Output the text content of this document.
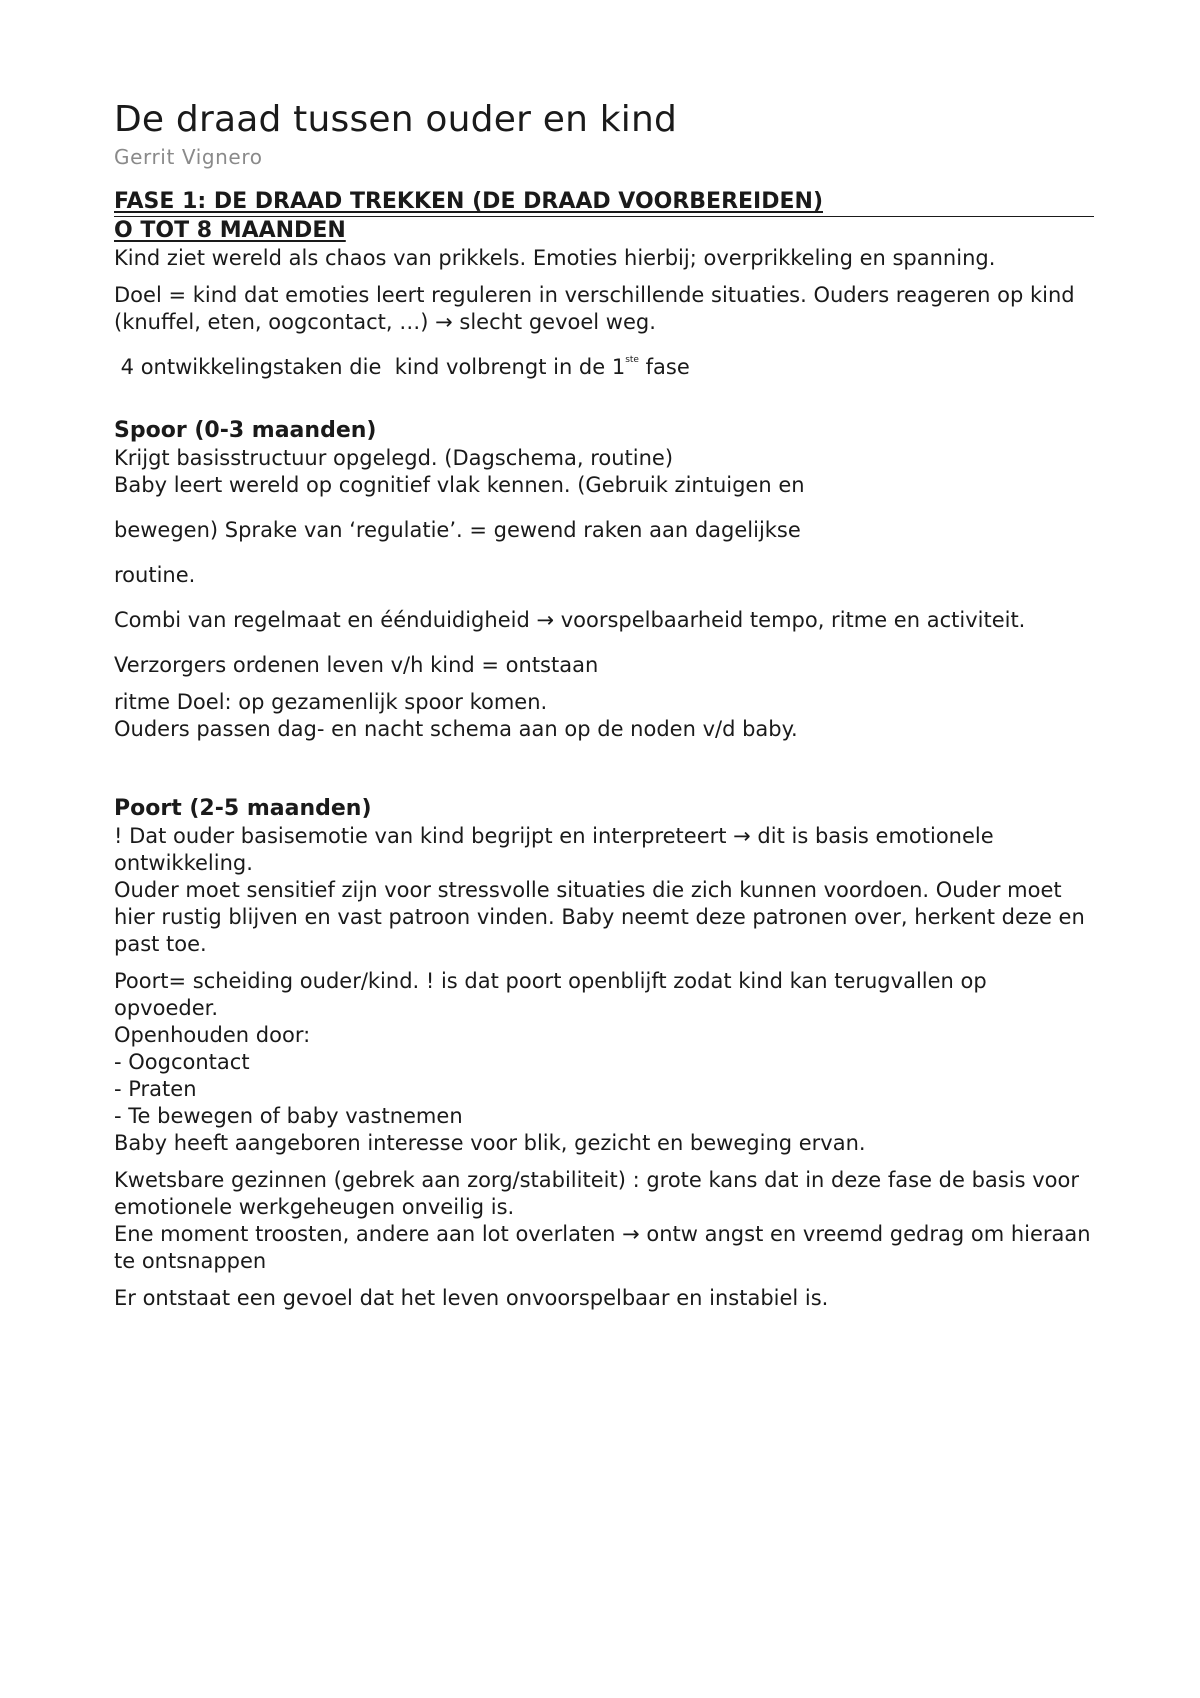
De draad tussen ouder en kind
Gerrit Vignero
FASE 1: DE DRAAD TREKKEN (DE DRAAD VOORBEREIDEN)
O TOT 8 MAANDEN

Kind ziet wereld als chaos van prikkels. Emoties hierbij; overprikkeling en spanning.

Doel = kind dat emoties leert reguleren in verschillende situaties. Ouders reageren op kind (knuffel, eten, oogcontact, …) → slecht gevoel weg.

4 ontwikkelingstaken die  kind volbrengt in de 1ste fase

Spoor (0-3 maanden)

Krijgt basisstructuur opgelegd. (Dagschema, routine)

Baby leert wereld op cognitief vlak kennen. (Gebruik zintuigen en

bewegen) Sprake van ‘regulatie’. = gewend raken aan dagelijkse

routine.

Combi van regelmaat en éénduidigheid → voorspelbaarheid tempo, ritme en activiteit.

Verzorgers ordenen leven v/h kind = ontstaan

ritme Doel: op gezamenlijk spoor komen.

Ouders passen dag- en nacht schema aan op de noden v/d baby.

Poort (2-5 maanden)

! Dat ouder basisemotie van kind begrijpt en interpreteert → dit is basis emotionele ontwikkeling.

Ouder moet sensitief zijn voor stressvolle situaties die zich kunnen voordoen. Ouder moet hier rustig blijven en vast patroon vinden. Baby neemt deze patronen over, herkent deze en past toe.

Poort= scheiding ouder/kind. ! is dat poort openblijft zodat kind kan terugvallen op opvoeder.

Openhouden door:

- Oogcontact

- Praten

- Te bewegen of baby vastnemen

Baby heeft aangeboren interesse voor blik, gezicht en beweging ervan.

Kwetsbare gezinnen (gebrek aan zorg/stabiliteit) : grote kans dat in deze fase de basis voor emotionele werkgeheugen onveilig is.

Ene moment troosten, andere aan lot overlaten → ontw angst en vreemd gedrag om hieraan te ontsnappen

Er ontstaat een gevoel dat het leven onvoorspelbaar en instabiel is.
